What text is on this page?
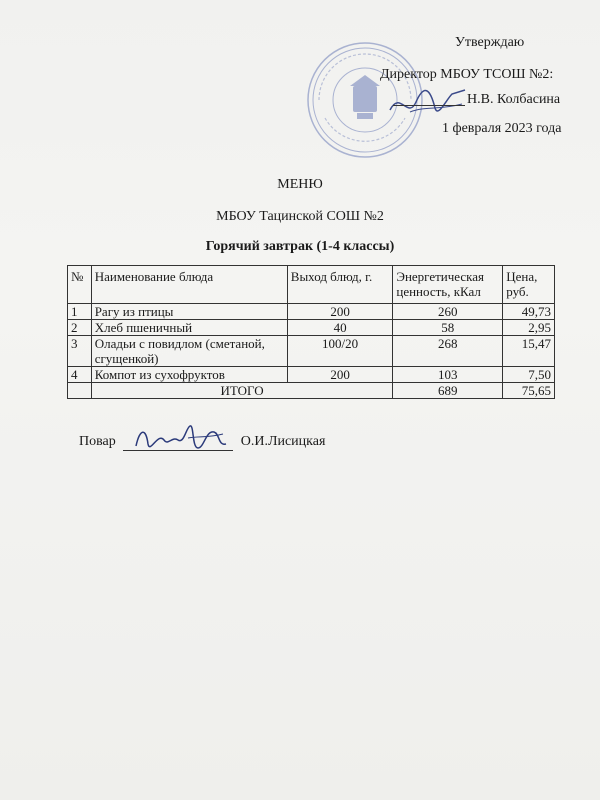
Утверждаю
Директор МБОУ ТСОШ №2:
Н.В. Колбасина
1 февраля 2023 года
МЕНЮ
МБОУ Тацинской СОШ №2
Горячий завтрак (1-4 классы)
№	Наименование блюда	Выход блюд, г.	Энергетическая ценность, кКал	Цена, руб.
1	Рагу из птицы	200	260	49,73
2	Хлеб пшеничный	40	58	2,95
3	Оладьи с повидлом (сметаной, сгущенкой)	100/20	268	15,47
4	Компот из сухофруктов	200	103	7,50
	ИТОГО		689	75,65
Повар	О.И.Лисицкая
